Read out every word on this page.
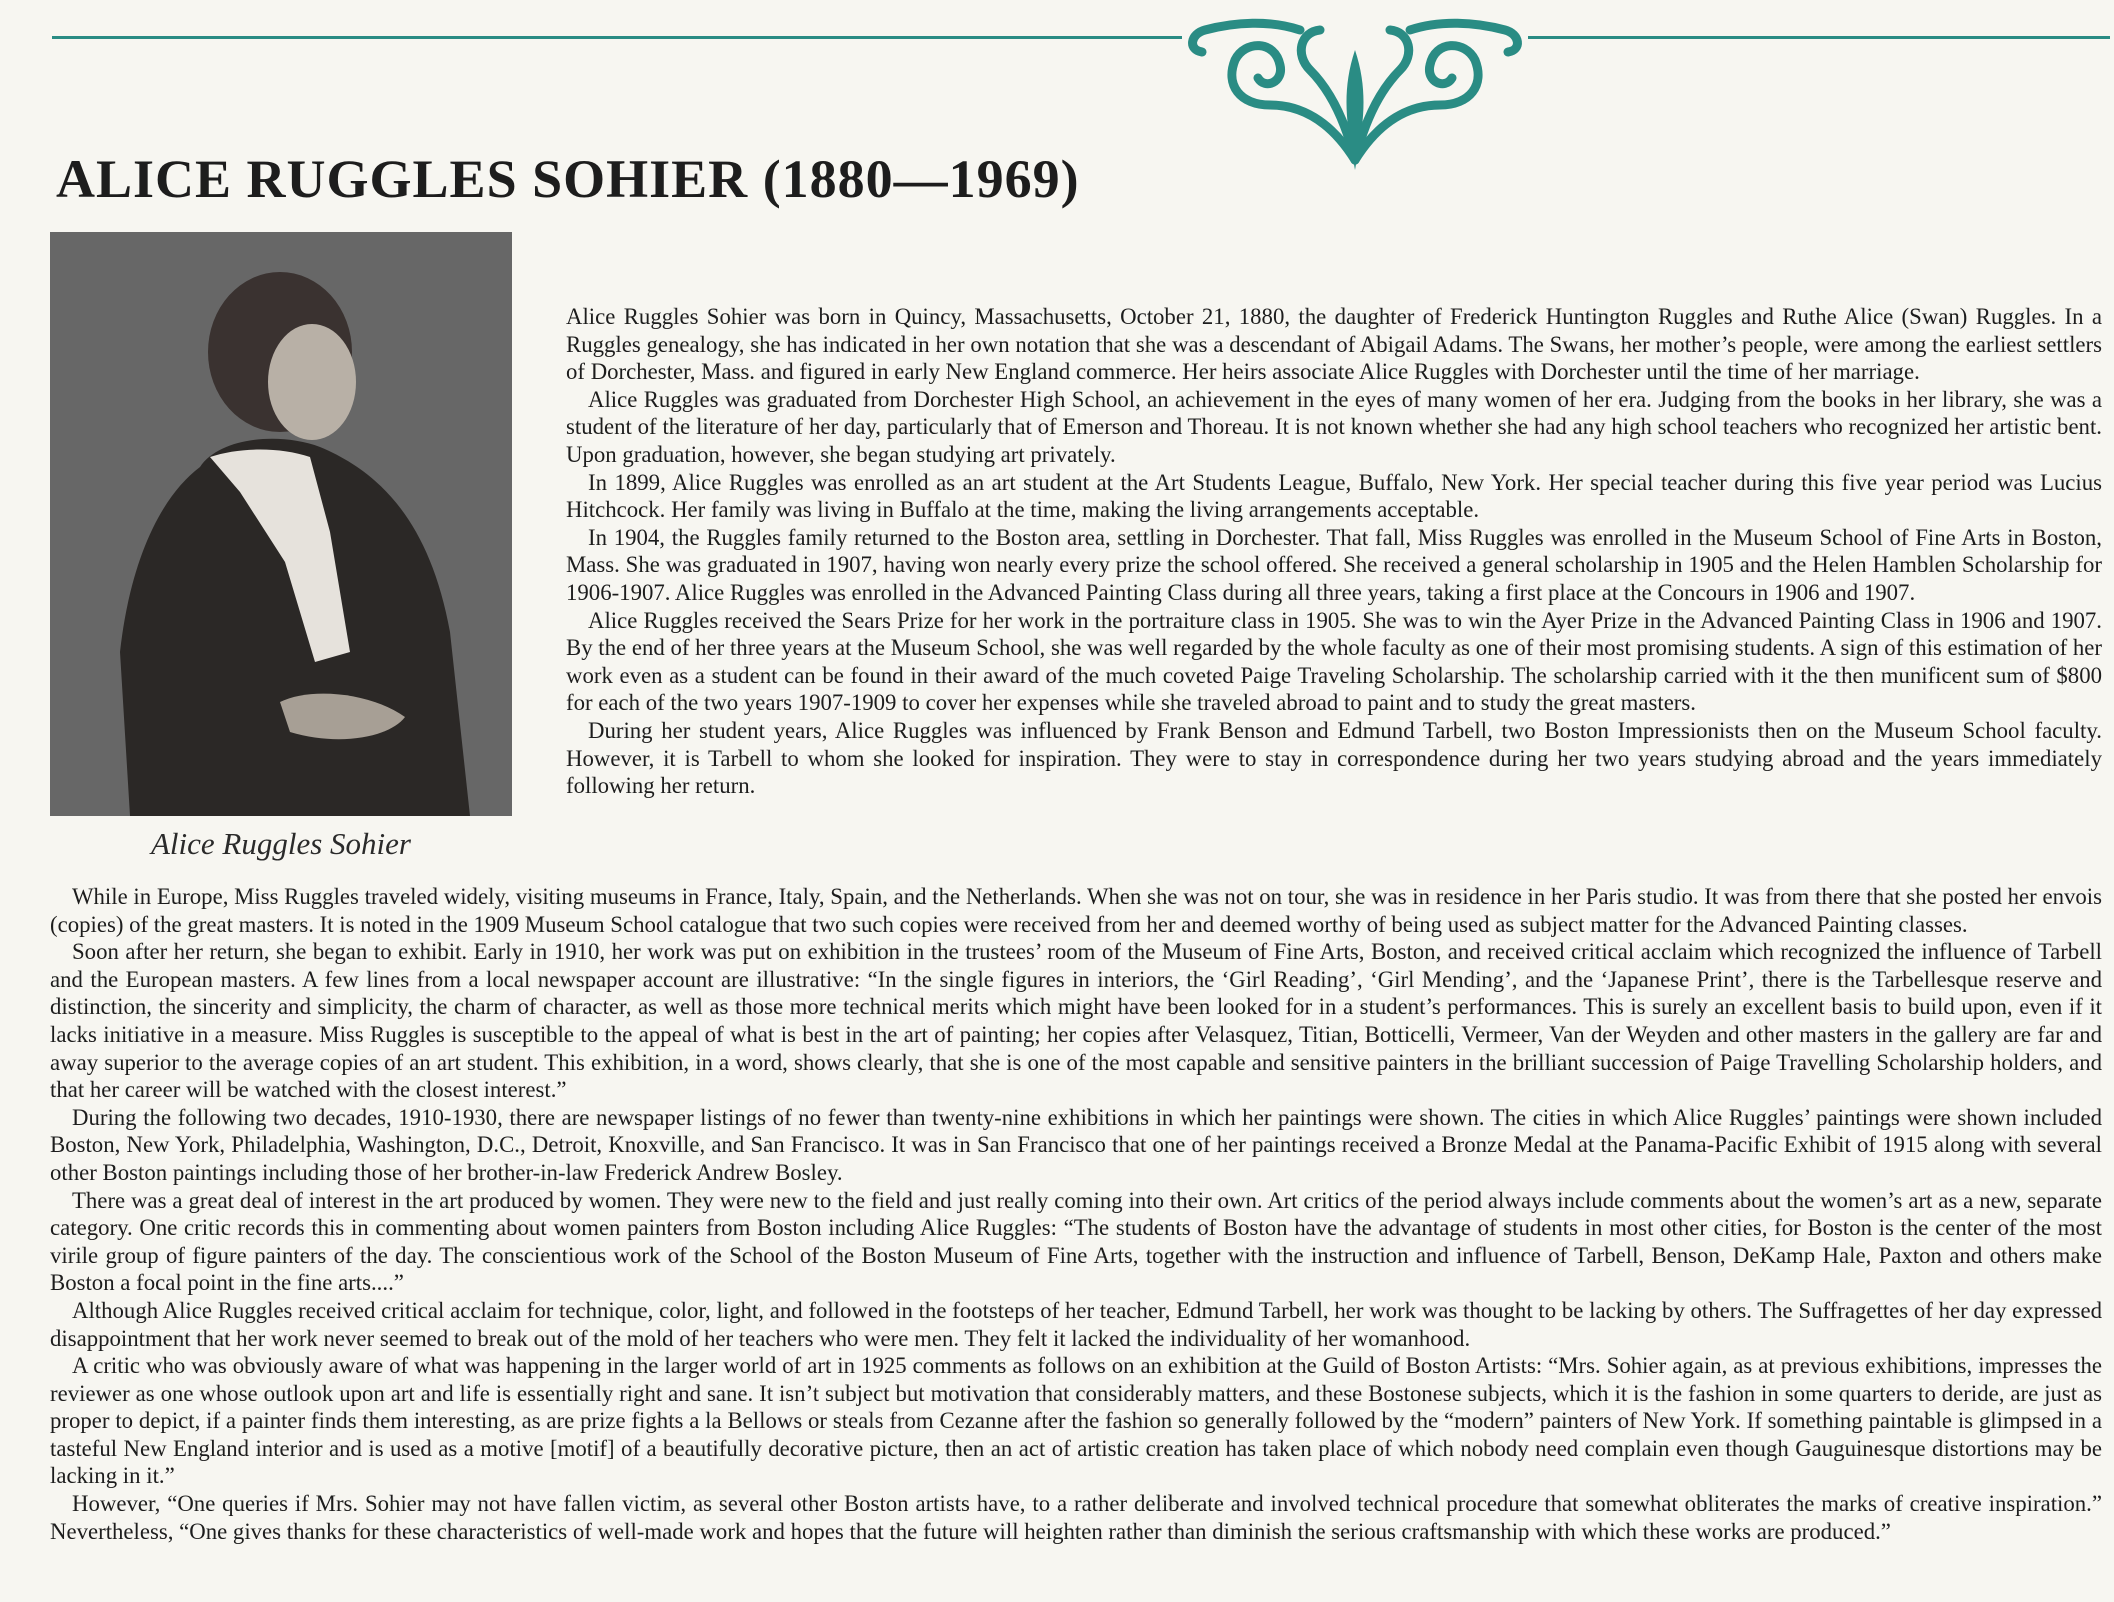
ALICE RUGGLES SOHIER (1880—1969)
Alice Ruggles Sohier

Alice Ruggles Sohier was born in Quincy, Massachusetts, October 21, 1880, the daughter of Frederick Huntington Ruggles and Ruthe Alice (Swan) Ruggles. In a Ruggles genealogy, she has indicated in her own notation that she was a descendant of Abigail Adams. The Swans, her mother’s people, were among the earliest settlers of Dorchester, Mass. and figured in early New England commerce. Her heirs associate Alice Ruggles with Dorchester until the time of her marriage.

Alice Ruggles was graduated from Dorchester High School, an achievement in the eyes of many women of her era. Judging from the books in her library, she was a student of the literature of her day, particularly that of Emerson and Thoreau. It is not known whether she had any high school teachers who recognized her artistic bent. Upon graduation, however, she began studying art privately.

In 1899, Alice Ruggles was enrolled as an art student at the Art Students League, Buffalo, New York. Her special teacher during this five year period was Lucius Hitchcock. Her family was living in Buffalo at the time, making the living arrangements acceptable.

In 1904, the Ruggles family returned to the Boston area, settling in Dorchester. That fall, Miss Ruggles was enrolled in the Museum School of Fine Arts in Boston, Mass. She was graduated in 1907, having won nearly every prize the school offered. She received a general scholarship in 1905 and the Helen Hamblen Scholarship for 1906-1907. Alice Ruggles was enrolled in the Advanced Painting Class during all three years, taking a first place at the Concours in 1906 and 1907.

Alice Ruggles received the Sears Prize for her work in the portraiture class in 1905. She was to win the Ayer Prize in the Advanced Painting Class in 1906 and 1907. By the end of her three years at the Museum School, she was well regarded by the whole faculty as one of their most promising students. A sign of this estimation of her work even as a student can be found in their award of the much coveted Paige Traveling Scholarship. The scholarship carried with it the then munificent sum of $800 for each of the two years 1907-1909 to cover her expenses while she traveled abroad to paint and to study the great masters.

During her student years, Alice Ruggles was influenced by Frank Benson and Edmund Tarbell, two Boston Impressionists then on the Museum School faculty. However, it is Tarbell to whom she looked for inspiration. They were to stay in correspondence during her two years studying abroad and the years immediately following her return.

While in Europe, Miss Ruggles traveled widely, visiting museums in France, Italy, Spain, and the Netherlands. When she was not on tour, she was in residence in her Paris studio. It was from there that she posted her envois (copies) of the great masters. It is noted in the 1909 Museum School catalogue that two such copies were received from her and deemed worthy of being used as subject matter for the Advanced Painting classes.

Soon after her return, she began to exhibit. Early in 1910, her work was put on exhibition in the trustees’ room of the Museum of Fine Arts, Boston, and received critical acclaim which recognized the influence of Tarbell and the European masters. A few lines from a local newspaper account are illustrative: “In the single figures in interiors, the ‘Girl Reading’, ‘Girl Mending’, and the ‘Japanese Print’, there is the Tarbellesque reserve and distinction, the sincerity and simplicity, the charm of character, as well as those more technical merits which might have been looked for in a student’s performances. This is surely an excellent basis to build upon, even if it lacks initiative in a measure. Miss Ruggles is susceptible to the appeal of what is best in the art of painting; her copies after Velasquez, Titian, Botticelli, Vermeer, Van der Weyden and other masters in the gallery are far and away superior to the average copies of an art student. This exhibition, in a word, shows clearly, that she is one of the most capable and sensitive painters in the brilliant succession of Paige Travelling Scholarship holders, and that her career will be watched with the closest interest.”

During the following two decades, 1910-1930, there are newspaper listings of no fewer than twenty-nine exhibitions in which her paintings were shown. The cities in which Alice Ruggles’ paintings were shown included Boston, New York, Philadelphia, Washington, D.C., Detroit, Knoxville, and San Francisco. It was in San Francisco that one of her paintings received a Bronze Medal at the Panama-Pacific Exhibit of 1915 along with several other Boston paintings including those of her brother-in-law Frederick Andrew Bosley.

There was a great deal of interest in the art produced by women. They were new to the field and just really coming into their own. Art critics of the period always include comments about the women’s art as a new, separate category. One critic records this in commenting about women painters from Boston including Alice Ruggles: “The students of Boston have the advantage of students in most other cities, for Boston is the center of the most virile group of figure painters of the day. The conscientious work of the School of the Boston Museum of Fine Arts, together with the instruction and influence of Tarbell, Benson, DeKamp Hale, Paxton and others make Boston a focal point in the fine arts....”

Although Alice Ruggles received critical acclaim for technique, color, light, and followed in the footsteps of her teacher, Edmund Tarbell, her work was thought to be lacking by others. The Suffragettes of her day expressed disappointment that her work never seemed to break out of the mold of her teachers who were men. They felt it lacked the individuality of her womanhood.

A critic who was obviously aware of what was happening in the larger world of art in 1925 comments as follows on an exhibition at the Guild of Boston Artists: “Mrs. Sohier again, as at previous exhibitions, impresses the reviewer as one whose outlook upon art and life is essentially right and sane. It isn’t subject but motivation that considerably matters, and these Bostonese subjects, which it is the fashion in some quarters to deride, are just as proper to depict, if a painter finds them interesting, as are prize fights a la Bellows or steals from Cezanne after the fashion so generally followed by the “modern” painters of New York. If something paintable is glimpsed in a tasteful New England interior and is used as a motive [motif] of a beautifully decorative picture, then an act of artistic creation has taken place of which nobody need complain even though Gauguinesque distortions may be lacking in it.”

However, “One queries if Mrs. Sohier may not have fallen victim, as several other Boston artists have, to a rather deliberate and involved technical procedure that somewhat obliterates the marks of creative inspiration.” Nevertheless, “One gives thanks for these characteristics of well-made work and hopes that the future will heighten rather than diminish the serious craftsmanship with which these works are produced.”
